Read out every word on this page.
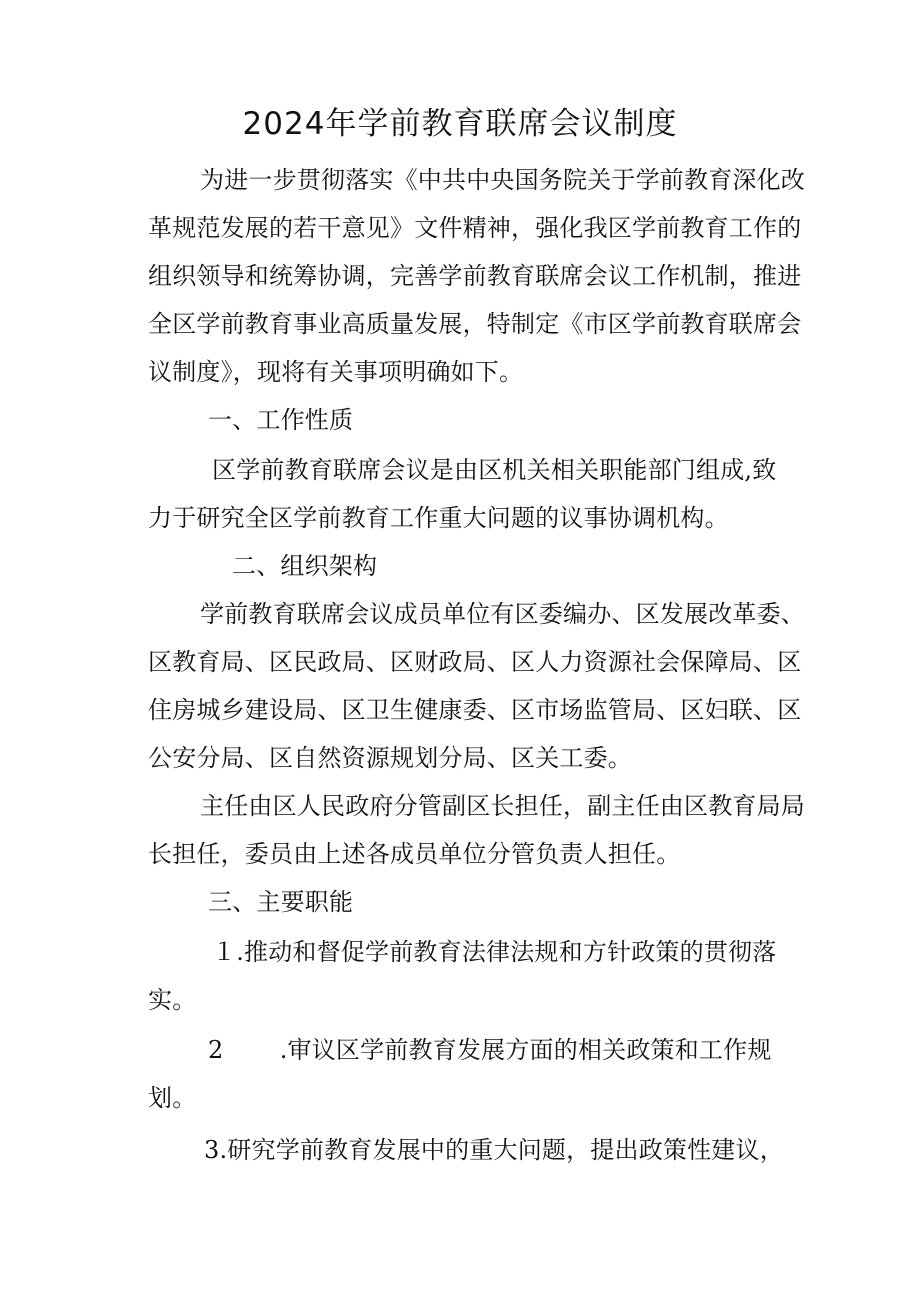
2024年学前教育联席会议制度

为进一步贯彻落实《中共中央国务院关于学前教育深化改

革规范发展的若干意见》文件精神，强化我区学前教育工作的

组织领导和统筹协调，完善学前教育联席会议工作机制，推进

全区学前教育事业高质量发展，特制定《市区学前教育联席会

议制度》，现将有关事项明确如下。

一、工作性质

区学前教育联席会议是由区机关相关职能部门组成,致

力于研究全区学前教育工作重大问题的议事协调机构。

二、组织架构

学前教育联席会议成员单位有区委编办、区发展改革委、

区教育局、区民政局、区财政局、区人力资源社会保障局、区

住房城乡建设局、区卫生健康委、区市场监管局、区妇联、区

公安分局、区自然资源规划分局、区关工委。

主任由区人民政府分管副区长担任，副主任由区教育局局

长担任，委员由上述各成员单位分管负责人担任。

三、主要职能

１.推动和督促学前教育法律法规和方针政策的贯彻落

实。

2　　 .审议区学前教育发展方面的相关政策和工作规

划。

3.研究学前教育发展中的重大问题，提出政策性建议，
